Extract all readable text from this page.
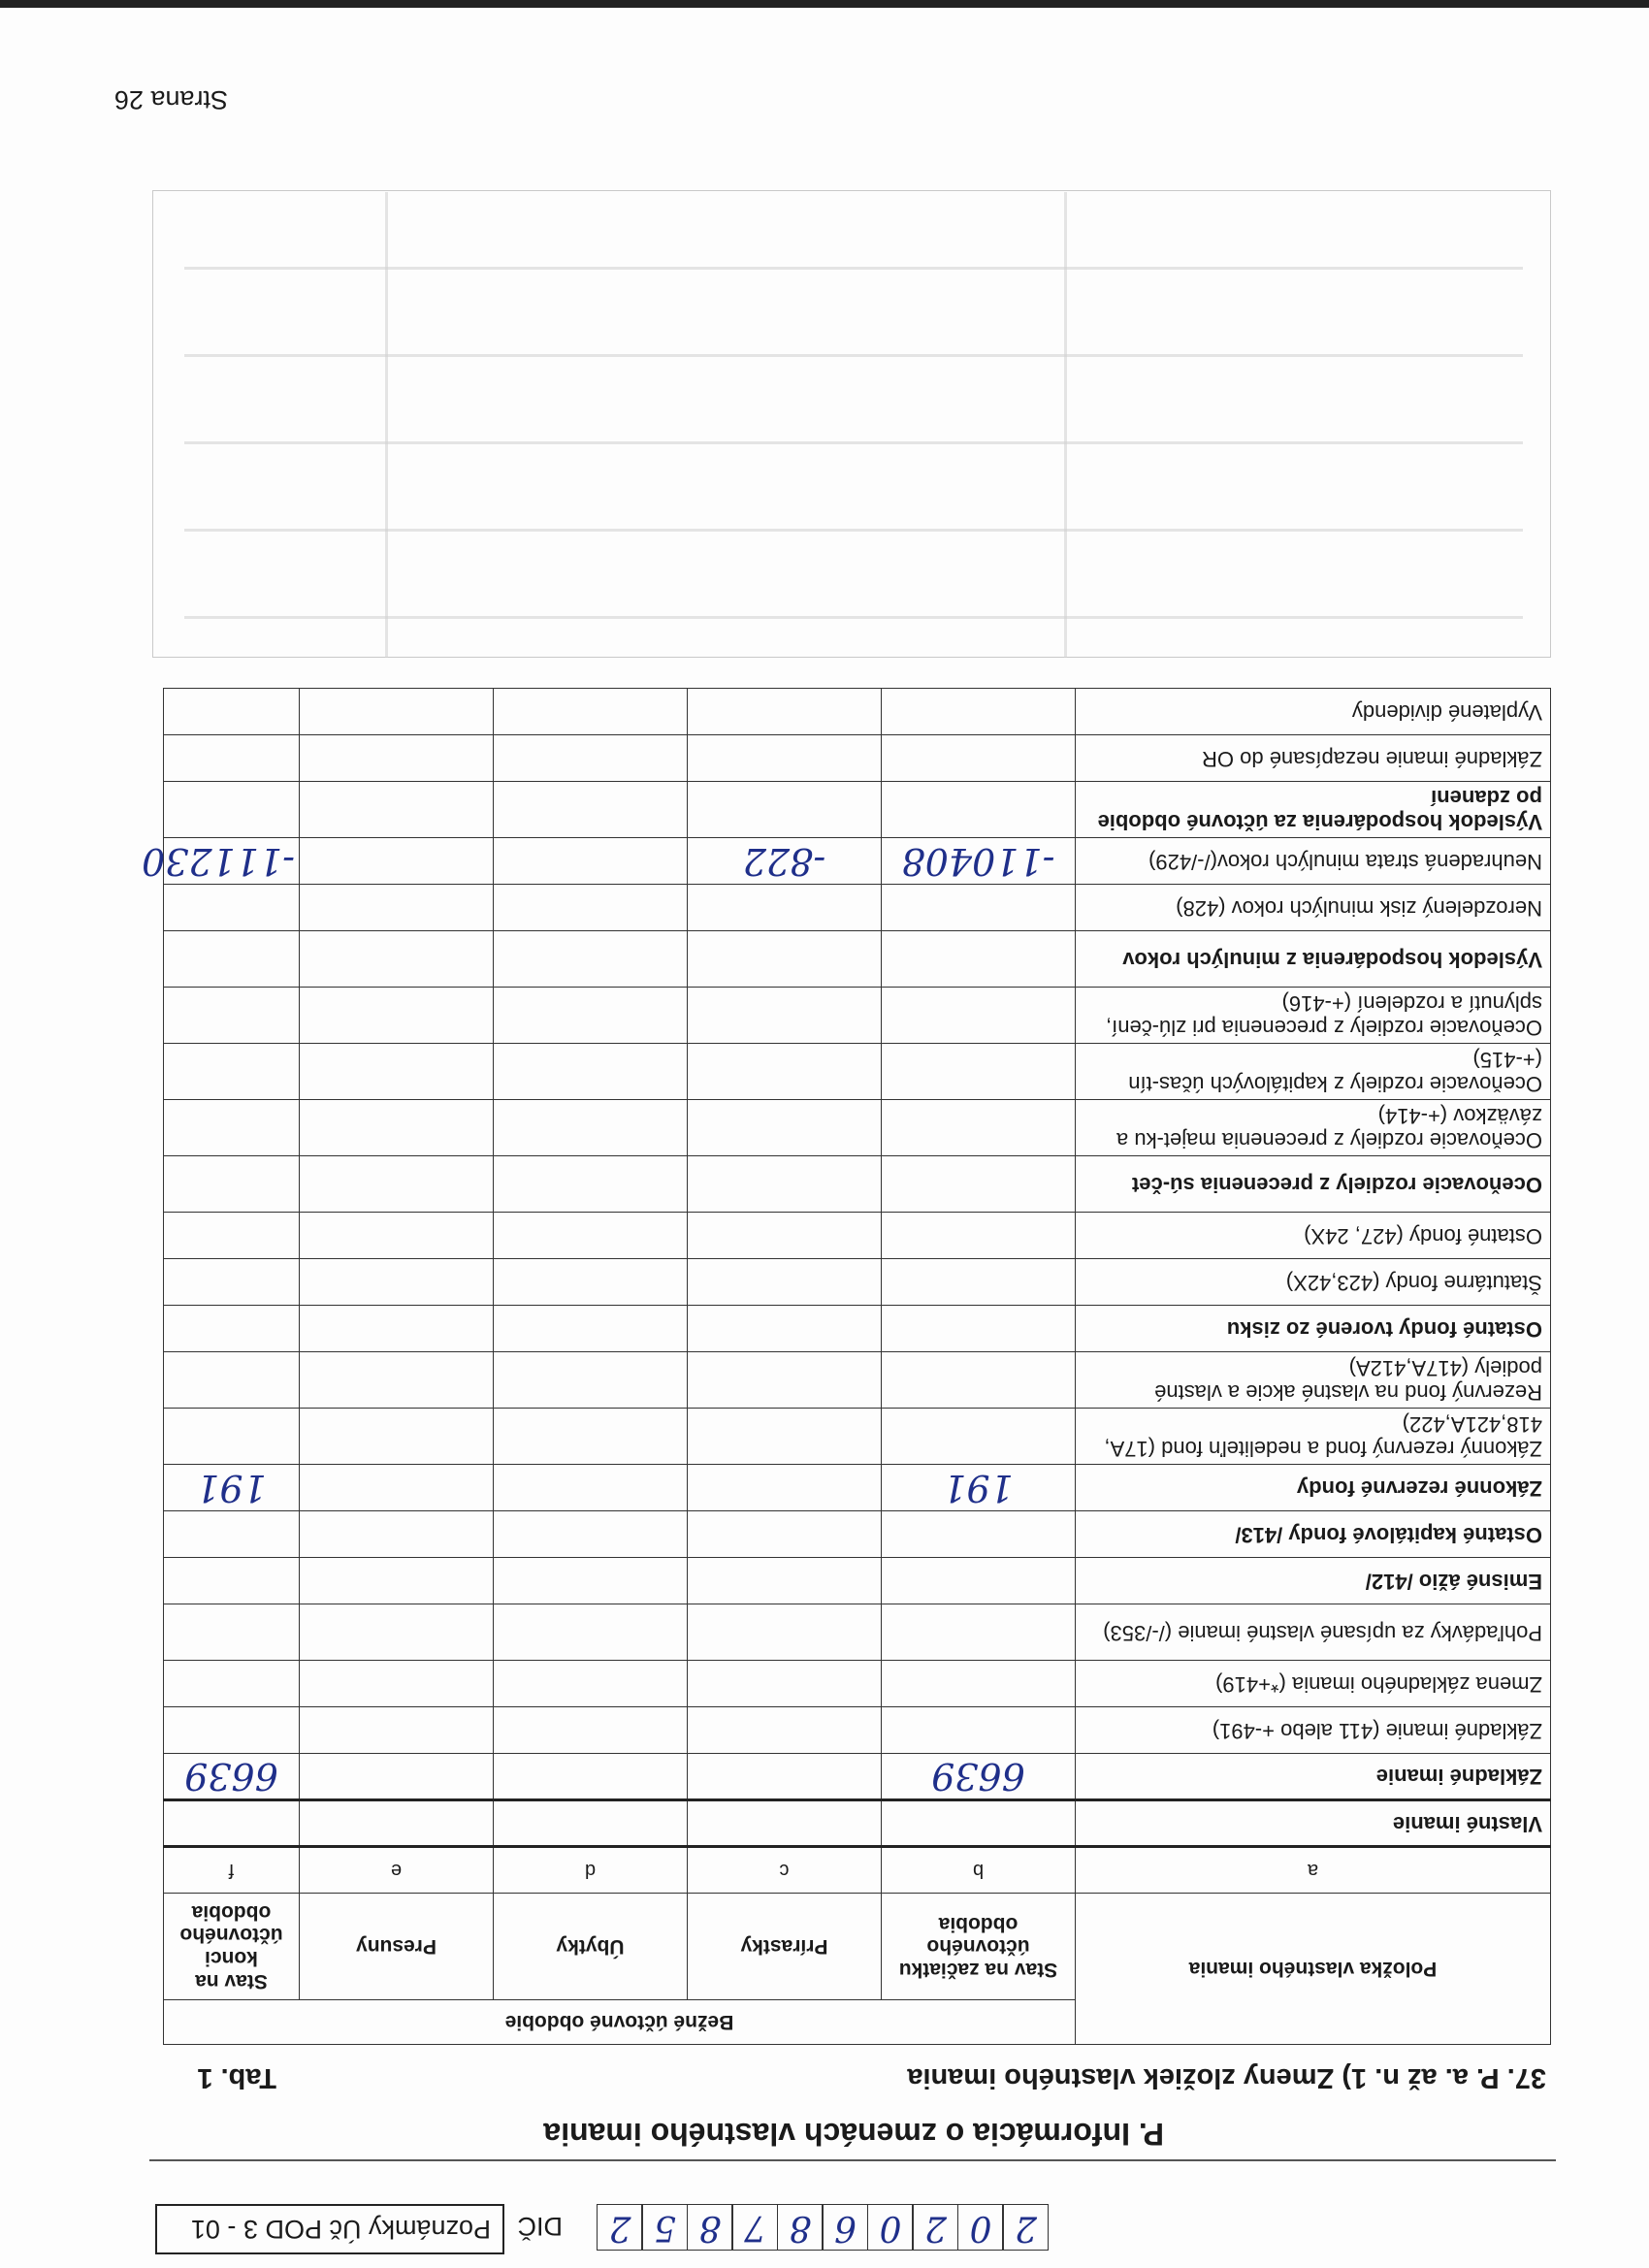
Poznámky Úč POD 3 - 01	DIČ	2
0
2
0
6
8
7
8
5
2
P. Informácia o zmenách vlastného imania
37. P. a. až n. 1) Zmeny zložiek vlastného imania
Tab. 1
Položka vlastného imania	Bežné účtovné obdobie				
	Stav na začiatku účtovného obdobia	Prírastky	Úbytky	Presuny	Stav na konci účtovného obdobia
a	b	c	d	e	f
Vlastné imanie					
Základné imanie	6639				6639
Základné imanie (411 alebo +-491)					
Zmena základného imania (*+419)					
Pohľadávky za upísané vlastné imanie (/-/353)					
Emisné ážio /412/					
Ostatné kapitálové fondy /413/					
Zákonné rezervné fondy	191				191
Zákonný rezervný fond a nedeliteľn fond (17A, 418,421A,422)					
Rezervný fond na vlastné akcie a vlastné podiely (417A,412A)					
Ostatné fondy tvorené zo zisku					
Štatutárne fondy (423,42X)					
Ostatné fondy (427, 24X)					
Oceňovacie rozdiely z precenenia sú-čet					
Oceňovacie rozdiely z precenenia majet-ku a záväzkov (+-414)					
Oceňovacie rozdiely z kapitálových účas-tín (+-415)					
Oceňovacie rozdiely z precenenia pri zlú-čení, splynutí a rozdelení (+-416)					
Výsledok hospodárenia z minulých rokov					
Nerozdelený zisk minulých rokov (428)					
Neuhradená strata minulých rokov(/-/429)	-110408	-822			-111230
Výsledok hospodárenia za účtovné obdobie po zdanení					
Základné imanie nezapísané do OR					
Vyplatené dividendy					
Strana 26
